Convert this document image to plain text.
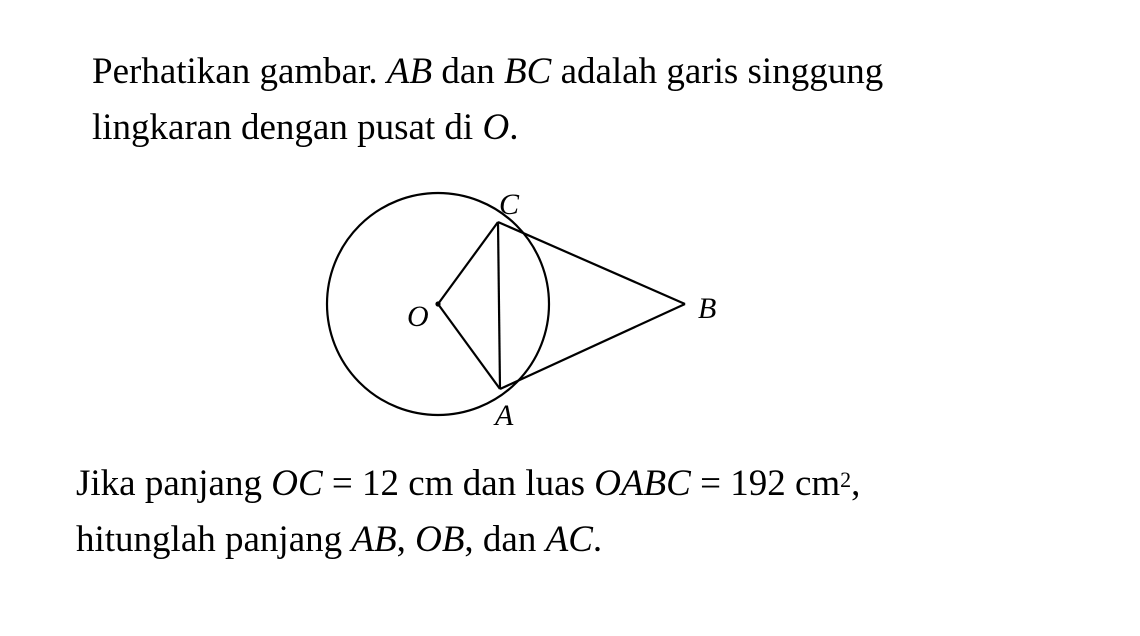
Perhatikan gambar. AB dan BC adalah garis singgung
lingkaran dengan pusat di O.
C
O	B
A
Jika panjang OC = 12 cm dan luas OABC = 192 $cm^2$,
hitunglah panjang AB, OB, dan AC.
